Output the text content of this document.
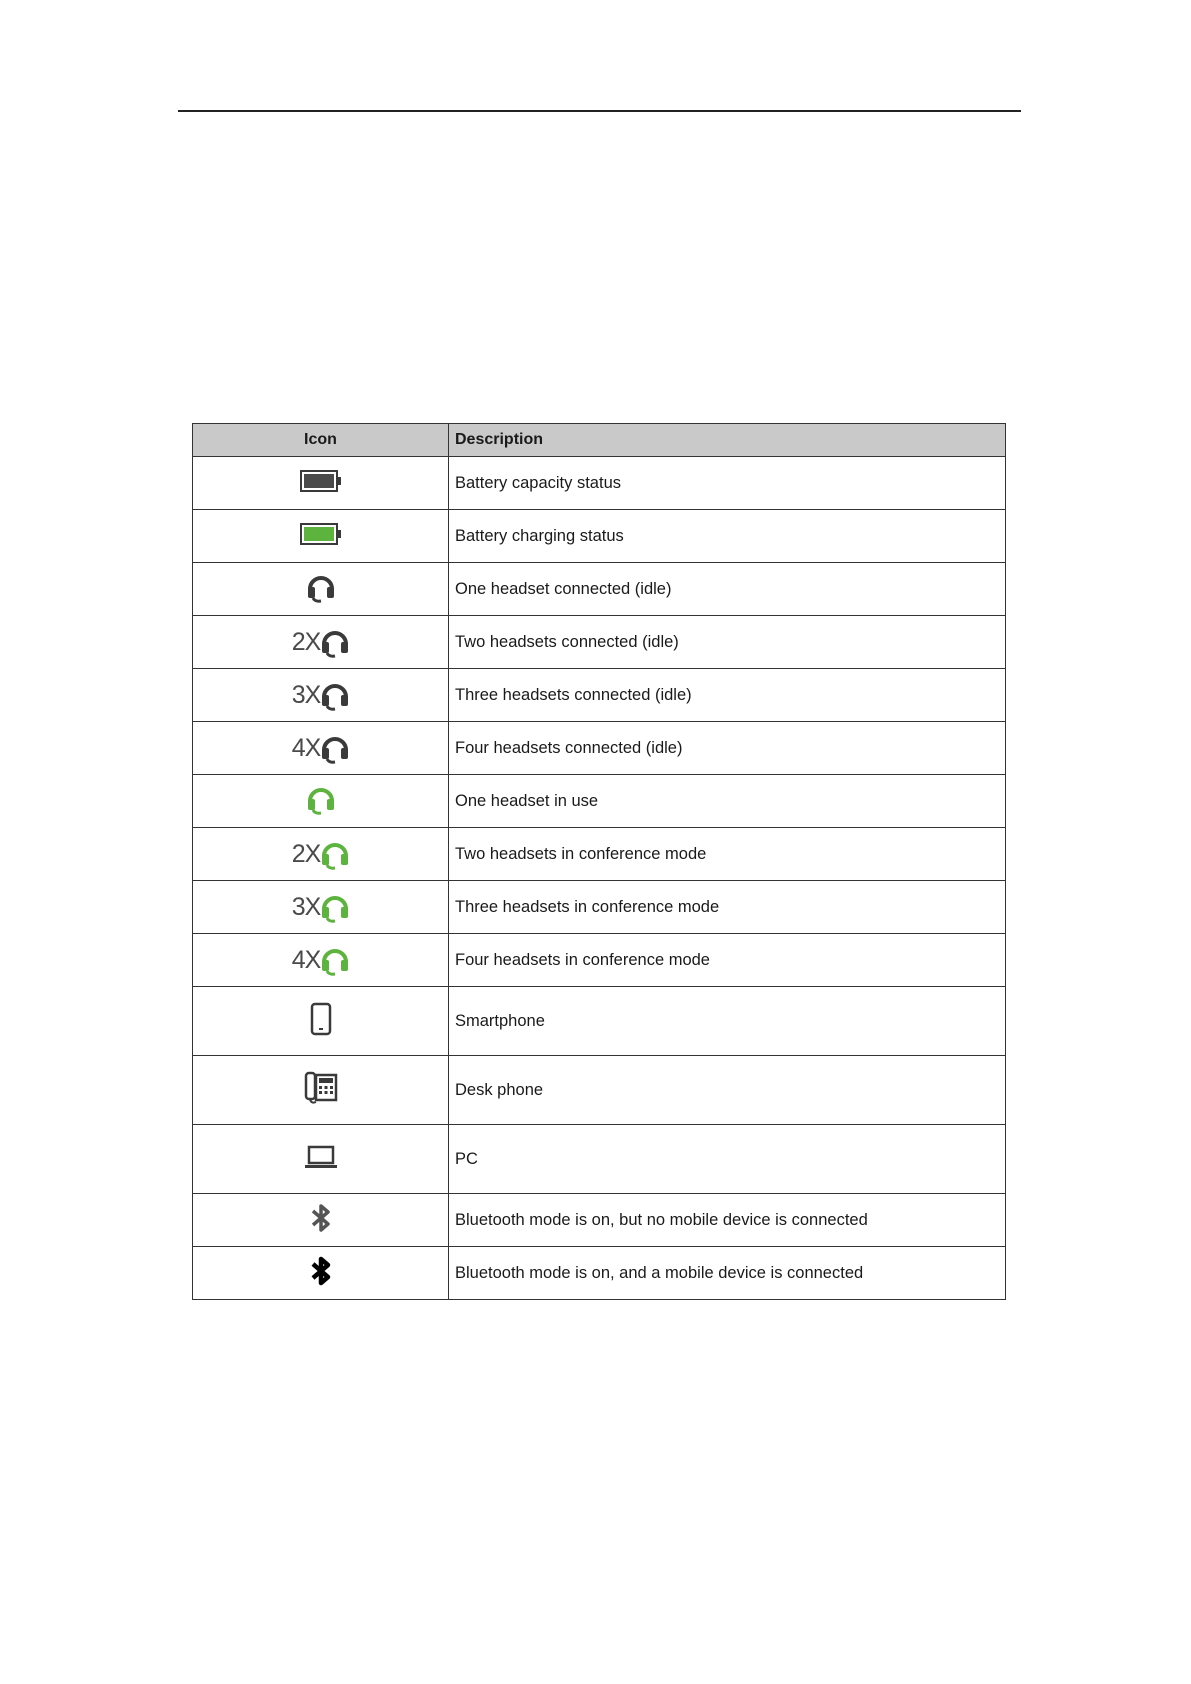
Icon	Description

	Battery capacity status

	Battery charging status

	One headset connected (idle)

2X	Two headsets connected (idle)

3X	Three headsets connected (idle)

4X	Four headsets connected (idle)

	One headset in use

2X	Two headsets in conference mode

3X	Three headsets in conference mode

4X	Four headsets in conference mode

	Smartphone

	Desk phone

	PC

	Bluetooth mode is on, but no mobile device is connected

	Bluetooth mode is on, and a mobile device is connected
